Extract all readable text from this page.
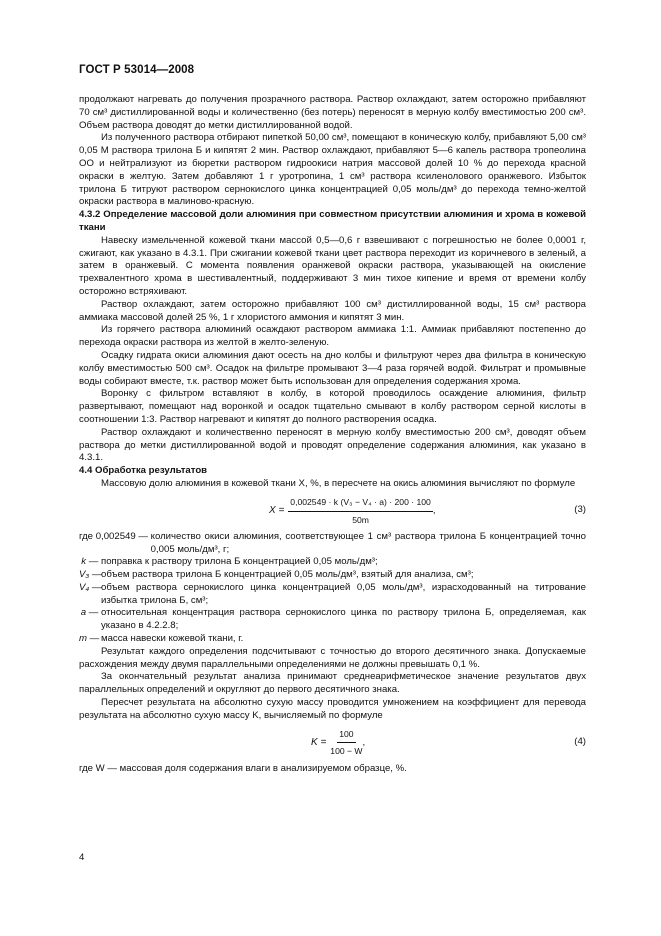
ГОСТ Р 53014—2008

продолжают нагревать до получения прозрачного раствора. Раствор охлаждают, затем осторожно прибавляют 70 см³ дистиллированной воды и количественно (без потерь) переносят в мерную колбу вместимостью 200 см³. Объем раствора доводят до метки дистиллированной водой.

Из полученного раствора отбирают пипеткой 50,00 см³, помещают в коническую колбу, прибавляют 5,00 см³ 0,05 М раствора трилона Б и кипятят 2 мин. Раствор охлаждают, прибавляют 5—6 капель раствора тропеолина ОО и нейтрализуют из бюретки раствором гидроокиси натрия массовой долей 10 % до перехода красной окраски в желтую. Затем добавляют 1 г уротропина, 1 см³ раствора ксиленолового оранжевого. Избыток трилона Б титруют раствором сернокислого цинка концентрацией 0,05 моль/дм³ до перехода темно-желтой окраски раствора в малиново-красную.

4.3.2 Определение массовой доли алюминия при совместном присутствии алюминия и хрома в кожевой ткани

Навеску измельченной кожевой ткани массой 0,5—0,6 г взвешивают с погрешностью не более 0,0001 г, сжигают, как указано в 4.3.1. При сжигании кожевой ткани цвет раствора переходит из коричневого в зеленый, а затем в оранжевый. С момента появления оранжевой окраски раствора, указывающей на окисление трехвалентного хрома в шестивалентный, поддерживают 3 мин тихое кипение и время от времени колбу осторожно встряхивают.

Раствор охлаждают, затем осторожно прибавляют 100 см³ дистиллированной воды, 15 см³ раствора аммиака массовой долей 25 %, 1 г хлористого аммония и кипятят 3 мин.

Из горячего раствора алюминий осаждают раствором аммиака 1:1. Аммиак прибавляют постепенно до перехода окраски раствора из желтой в желто-зеленую.

Осадку гидрата окиси алюминия дают осесть на дно колбы и фильтруют через два фильтра в коническую колбу вместимостью 500 см³. Осадок на фильтре промывают 3—4 раза горячей водой. Фильтрат и промывные воды собирают вместе, т.к. раствор может быть использован для определения содержания хрома.

Воронку с фильтром вставляют в колбу, в которой проводилось осаждение алюминия, фильтр развертывают, помещают над воронкой и осадок тщательно смывают в колбу раствором серной кислоты в соотношении 1:3. Раствор нагревают и кипятят до полного растворения осадка.

Раствор охлаждают и количественно переносят в мерную колбу вместимостью 200 см³, доводят объем раствора до метки дистиллированной водой и проводят определение содержания алюминия, как указано в 4.3.1.

4.4 Обработка результатов

Массовую долю алюминия в кожевой ткани X, %, в пересчете на окись алюминия вычисляют по формуле

$X = \frac{\text{0,002549 · k (V₃ − V₄ · a) · 200 · 100}}{50m}$ ,	(3)
где 0,002549 — количество окиси алюминия, соответствующее 1 см³ раствора трилона Б концентрацией точно 0,005 моль/дм³, г;
k — поправка к раствору трилона Б концентрацией 0,05 моль/дм³;
V₃ —
объем раствора трилона Б концентрацией 0,05 моль/дм³, взятый для анализа, см³;
V₄ —
объем раствора сернокислого цинка концентрацией 0,05 моль/дм³, израсходованный на титрование избытка трилона Б, см³;
a — относительная концентрация раствора сернокислого цинка по раствору трилона Б, определяемая, как указано в 4.2.2.8;
m — масса навески кожевой ткани, г.

Результат каждого определения подсчитывают с точностью до второго десятичного знака. Допускаемые расхождения между двумя параллельными определениями не должны превышать 0,1 %.

За окончательный результат анализа принимают среднеарифметическое значение результатов двух параллельных определений и округляют до первого десятичного знака.

Пересчет результата на абсолютно сухую массу проводится умножением на коэффициент для перевода результата на абсолютно сухую массу K, вычисляемый по формуле

$K = \frac{100}{100 - W}$ ,	(4)

где W — массовая доля содержания влаги в анализируемом образце, %.

4
